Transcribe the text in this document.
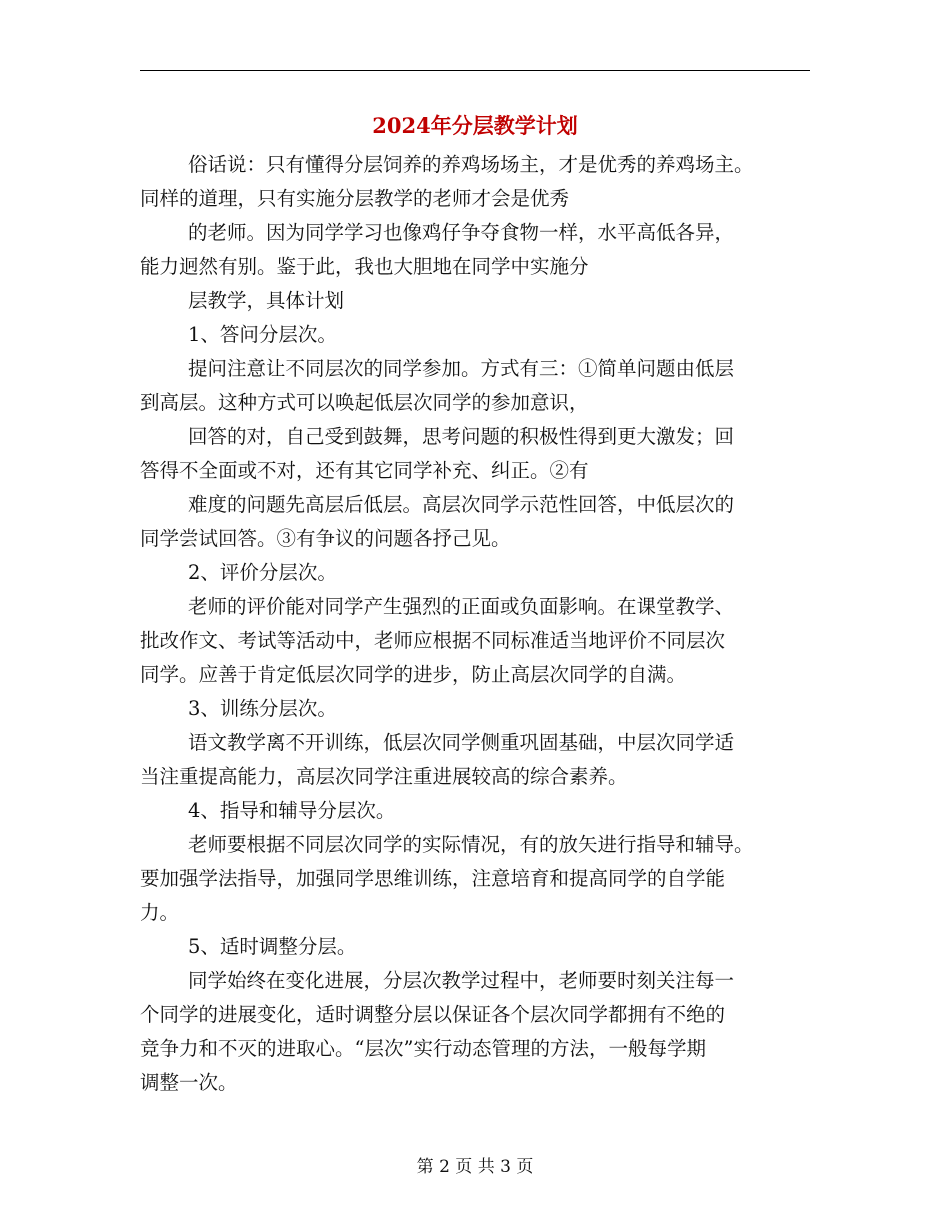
2024年分层教学计划

俗话说：只有懂得分层饲养的养鸡场场主，才是优秀的养鸡场主。
同样的道理，只有实施分层教学的老师才会是优秀

的老师。因为同学学习也像鸡仔争夺食物一样，水平高低各异，
能力迥然有别。鉴于此，我也大胆地在同学中实施分

层教学，具体计划

1、答问分层次。

提问注意让不同层次的同学参加。方式有三：①简单问题由低层
到高层。这种方式可以唤起低层次同学的参加意识，

回答的对，自己受到鼓舞，思考问题的积极性得到更大激发；回
答得不全面或不对，还有其它同学补充、纠正。②有

难度的问题先高层后低层。高层次同学示范性回答，中低层次的
同学尝试回答。③有争议的问题各抒己见。

2、评价分层次。

老师的评价能对同学产生强烈的正面或负面影响。在课堂教学、
批改作文、考试等活动中，老师应根据不同标准适当地评价不同层次
同学。应善于肯定低层次同学的进步，防止高层次同学的自满。

3、训练分层次。

语文教学离不开训练，低层次同学侧重巩固基础，中层次同学适
当注重提高能力，高层次同学注重进展较高的综合素养。

4、指导和辅导分层次。

老师要根据不同层次同学的实际情况，有的放矢进行指导和辅导。
要加强学法指导，加强同学思维训练，注意培育和提高同学的自学能
力。

5、适时调整分层。

同学始终在变化进展，分层次教学过程中，老师要时刻关注每一
个同学的进展变化，适时调整分层以保证各个层次同学都拥有不绝的
竞争力和不灭的进取心。“层次”实行动态管理的方法，一般每学期
调整一次。

第 2 页 共 3 页
